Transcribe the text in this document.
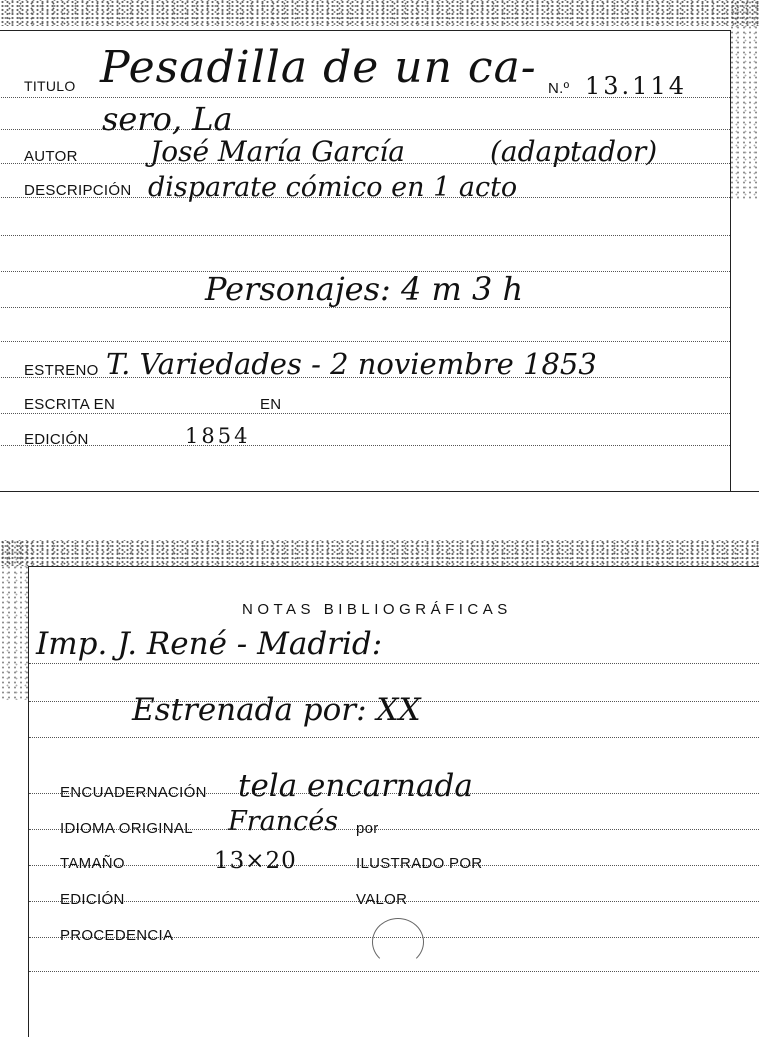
TITULO Pesadilla de un ca- N.º 13.114
sero, La
AUTOR	José María García	(adaptador)
DESCRIPCIÓN disparate cómico en 1 acto
Personajes: 4 m 3 h
ESTRENO T. Variedades - 2 noviembre 1853
ESCRITA EN	EN
EDICIÓN	1854
NOTAS BIBLIOGRÁFICAS
Imp. J. René - Madrid:
Estrenada por: XX
ENCUADERNACIÓN tela encarnada
IDIOMA ORIGINAL Francés por
TAMAÑO	13×20	ILUSTRADO POR
EDICIÓN	VALOR
PROCEDENCIA
